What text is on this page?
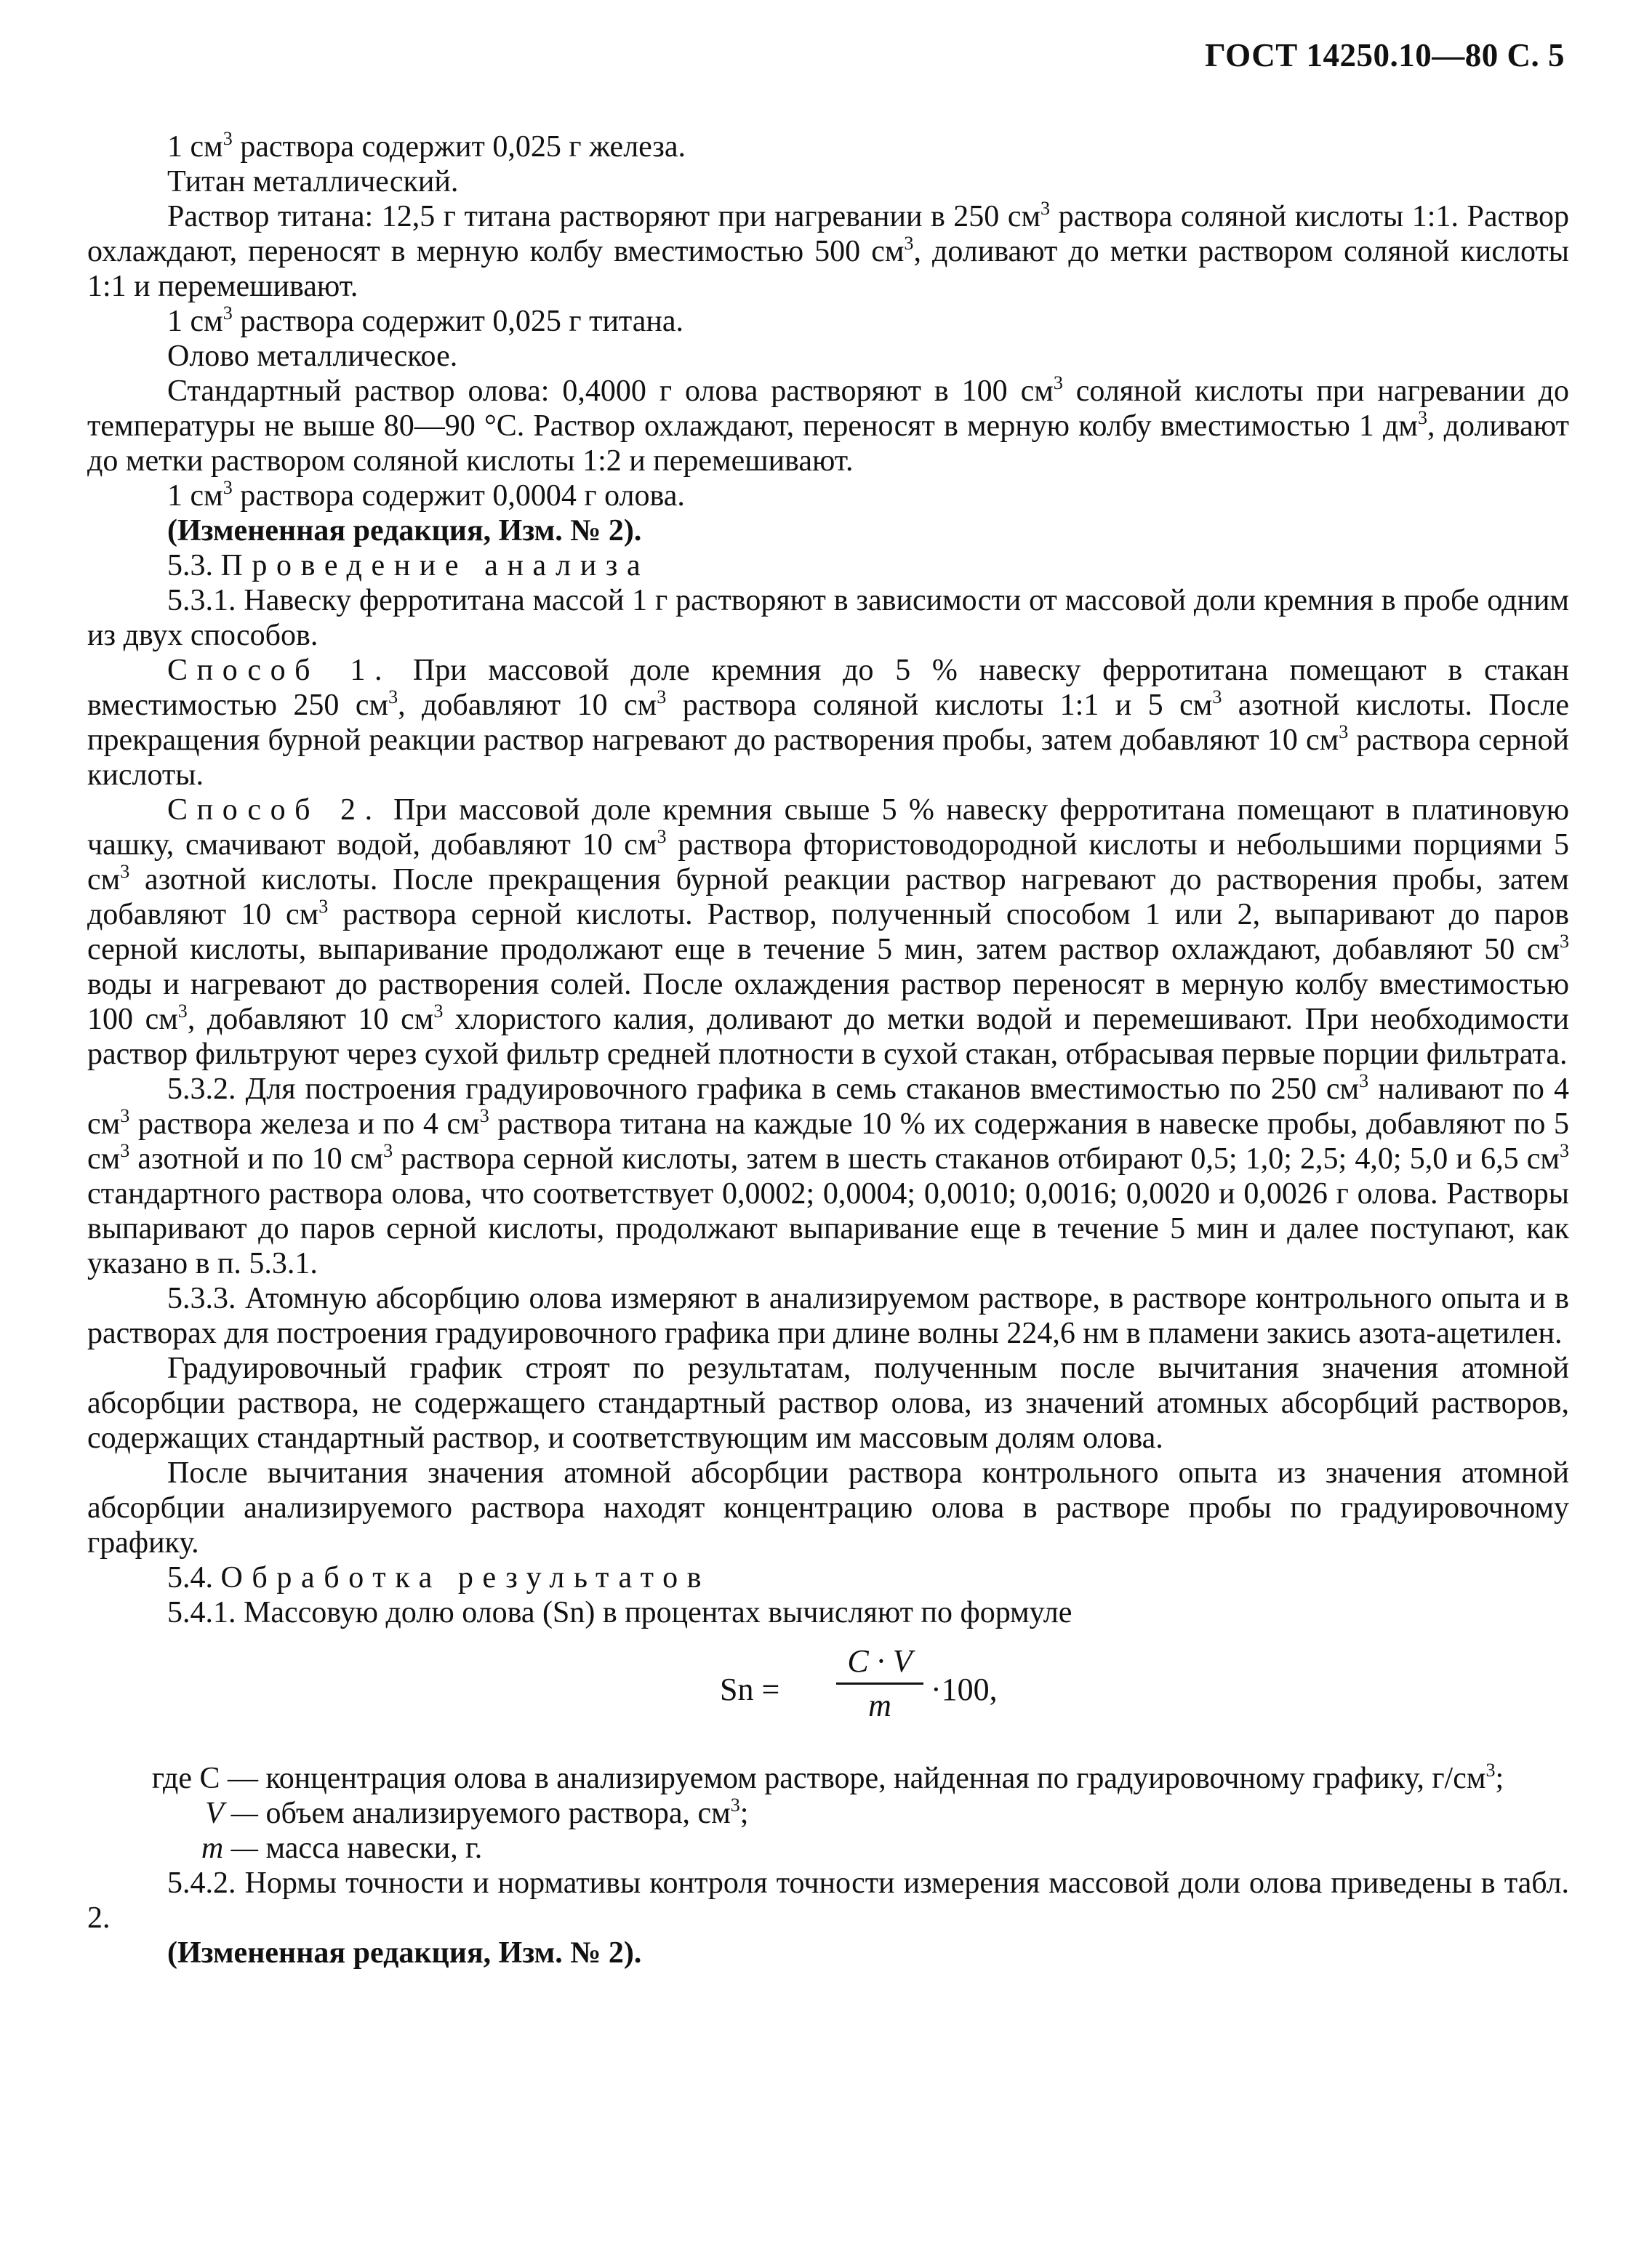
ГОСТ 14250.10—80 С. 5

1 $см^3$ раствора содержит 0,025 г железа.

Титан металлический.

Раствор титана: 12,5 г титана растворяют при нагревании в 250 $см^3$ раствора соляной кислоты 1:1. Раствор охлаждают, переносят в мерную колбу вместимостью 500 $см^3$, доливают до метки раствором соляной кислоты 1:1 и перемешивают.

1 $см^3$ раствора содержит 0,025 г титана.

Олово металлическое.

Стандартный раствор олова: 0,4000 г олова растворяют в 100 $см^3$ соляной кислоты при нагревании до температуры не выше 80—90 °С. Раствор охлаждают, переносят в мерную колбу вместимостью 1 $дм^3$, доливают до метки раствором соляной кислоты 1:2 и перемешивают.

1 $см^3$ раствора содержит 0,0004 г олова.

(Измененная редакция, Изм. № 2).

5.3. Проведение анализа

5.3.1. Навеску ферротитана массой 1 г растворяют в зависимости от массовой доли кремния в пробе одним из двух способов.

Способ 1. При массовой доле кремния до 5 % навеску ферротитана помещают в стакан вместимостью 250 $см^3$, добавляют 10 $см^3$ раствора соляной кислоты 1:1 и 5 $см^3$ азотной кислоты. После прекращения бурной реакции раствор нагревают до растворения пробы, затем добавляют 10 $см^3$ раствора серной кислоты.

Способ 2. При массовой доле кремния свыше 5 % навеску ферротитана помещают в платиновую чашку, смачивают водой, добавляют 10 $см^3$ раствора фтористоводородной кислоты и небольшими порциями 5 $см^3$ азотной кислоты. После прекращения бурной реакции раствор нагревают до растворения пробы, затем добавляют 10 $см^3$ раствора серной кислоты. Раствор, полученный способом 1 или 2, выпаривают до паров серной кислоты, выпаривание продолжают еще в течение 5 мин, затем раствор охлаждают, добавляют 50 $см^3$ воды и нагревают до растворения солей. После охлаждения раствор переносят в мерную колбу вместимостью 100 $см^3$, добавляют 10 $см^3$ хлористого калия, доливают до метки водой и перемешивают. При необходимости раствор фильтруют через сухой фильтр средней плотности в сухой стакан, отбрасывая первые порции фильтрата.

5.3.2. Для построения градуировочного графика в семь стаканов вместимостью по 250 $см^3$ наливают по 4 $см^3$ раствора железа и по 4 $см^3$ раствора титана на каждые 10 % их содержания в навеске пробы, добавляют по 5 $см^3$ азотной и по 10 $см^3$ раствора серной кислоты, затем в шесть стаканов отбирают 0,5; 1,0; 2,5; 4,0; 5,0 и 6,5 $см^3$ стандартного раствора олова, что соответствует 0,0002; 0,0004; 0,0010; 0,0016; 0,0020 и 0,0026 г олова. Растворы выпаривают до паров серной кислоты, продолжают выпаривание еще в течение 5 мин и далее поступают, как указано в п. 5.3.1.

5.3.3. Атомную абсорбцию олова измеряют в анализируемом растворе, в растворе контрольного опыта и в растворах для построения градуировочного графика при длине волны 224,6 нм в пламени закись азота-ацетилен.

Градуировочный график строят по результатам, полученным после вычитания значения атомной абсорбции раствора, не содержащего стандартный раствор олова, из значений атомных абсорбций растворов, содержащих стандартный раствор, и соответствующим им массовым долям олова.

После вычитания значения атомной абсорбции раствора контрольного опыта из значения атомной абсорбции анализируемого раствора находят концентрацию олова в растворе пробы по градуировочному графику.

5.4. Обработка результатов

5.4.1. Массовую долю олова (Sn) в процентах вычисляют по формуле

Sn =
C · V
m	·100,
где C — концентрация олова в анализируемом растворе, найденная по градуировочному графику, $г/см^3$;
V — объем анализируемого раствора, $см^3$;
m — масса навески, г.

5.4.2. Нормы точности и нормативы контроля точности измерения массовой доли олова приведены в табл. 2.

(Измененная редакция, Изм. № 2).
